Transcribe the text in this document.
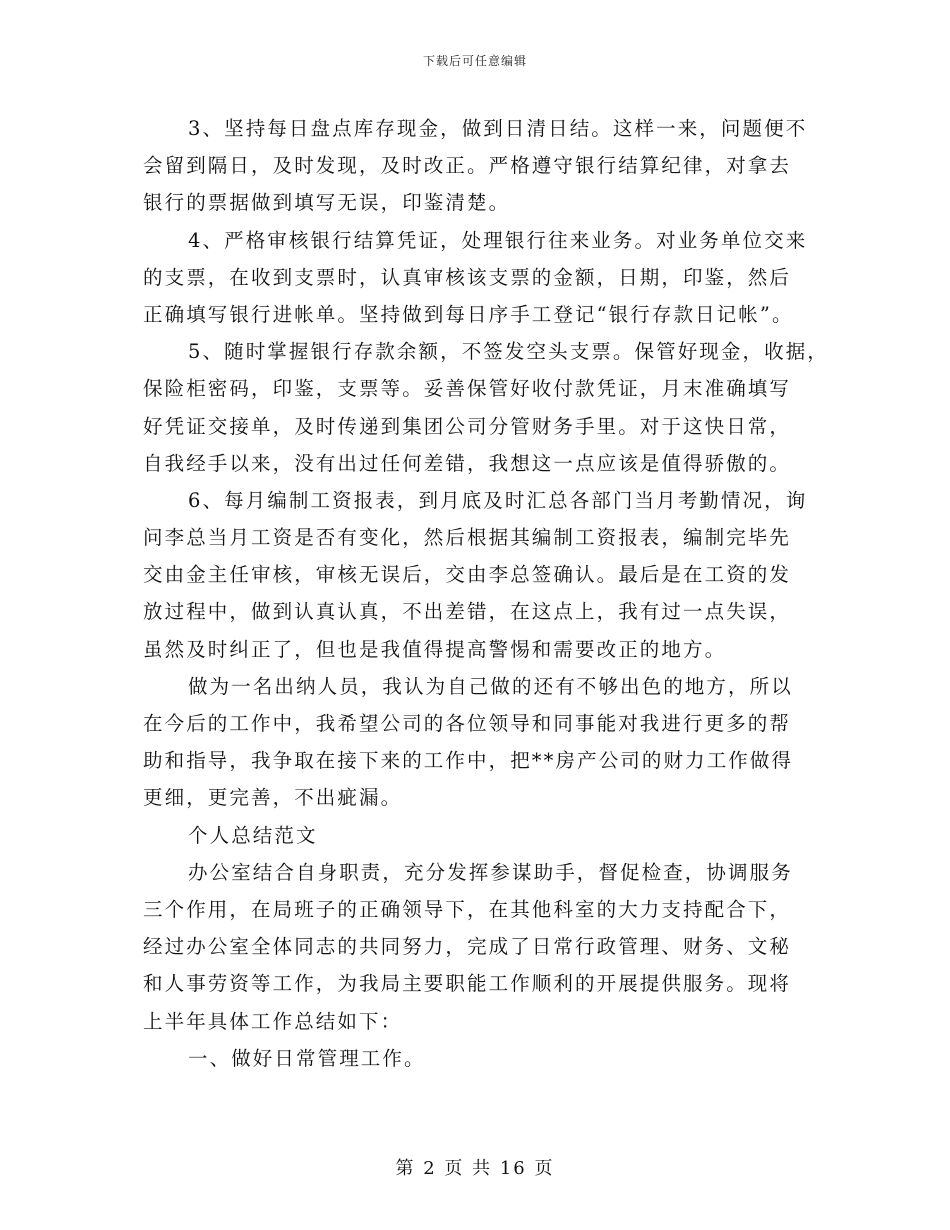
下载后可任意编辑
3、坚持每日盘点库存现金，做到日清日结。这样一来，问题便不
会留到隔日，及时发现，及时改正。严格遵守银行结算纪律，对拿去
银行的票据做到填写无误，印鉴清楚。
4、严格审核银行结算凭证，处理银行往来业务。对业务单位交来
的支票，在收到支票时，认真审核该支票的金额，日期，印鉴，然后
正确填写银行进帐单。坚持做到每日序手工登记“银行存款日记帐”。
5、随时掌握银行存款余额，不签发空头支票。保管好现金，收据，
保险柜密码，印鉴，支票等。妥善保管好收付款凭证，月末准确填写
好凭证交接单，及时传递到集团公司分管财务手里。对于这快日常，
自我经手以来，没有出过任何差错，我想这一点应该是值得骄傲的。
6、每月编制工资报表，到月底及时汇总各部门当月考勤情况，询
问李总当月工资是否有变化，然后根据其编制工资报表，编制完毕先
交由金主任审核，审核无误后，交由李总签确认。最后是在工资的发
放过程中，做到认真认真，不出差错，在这点上，我有过一点失误，
虽然及时纠正了，但也是我值得提高警惕和需要改正的地方。
做为一名出纳人员，我认为自己做的还有不够出色的地方，所以
在今后的工作中，我希望公司的各位领导和同事能对我进行更多的帮
助和指导，我争取在接下来的工作中，把**房产公司的财力工作做得
更细，更完善，不出疵漏。
个人总结范文
办公室结合自身职责，充分发挥参谋助手，督促检查，协调服务
三个作用，在局班子的正确领导下，在其他科室的大力支持配合下，
经过办公室全体同志的共同努力，完成了日常行政管理、财务、文秘
和人事劳资等工作，为我局主要职能工作顺利的开展提供服务。现将
上半年具体工作总结如下：
一、做好日常管理工作。
第 2 页 共 16 页
